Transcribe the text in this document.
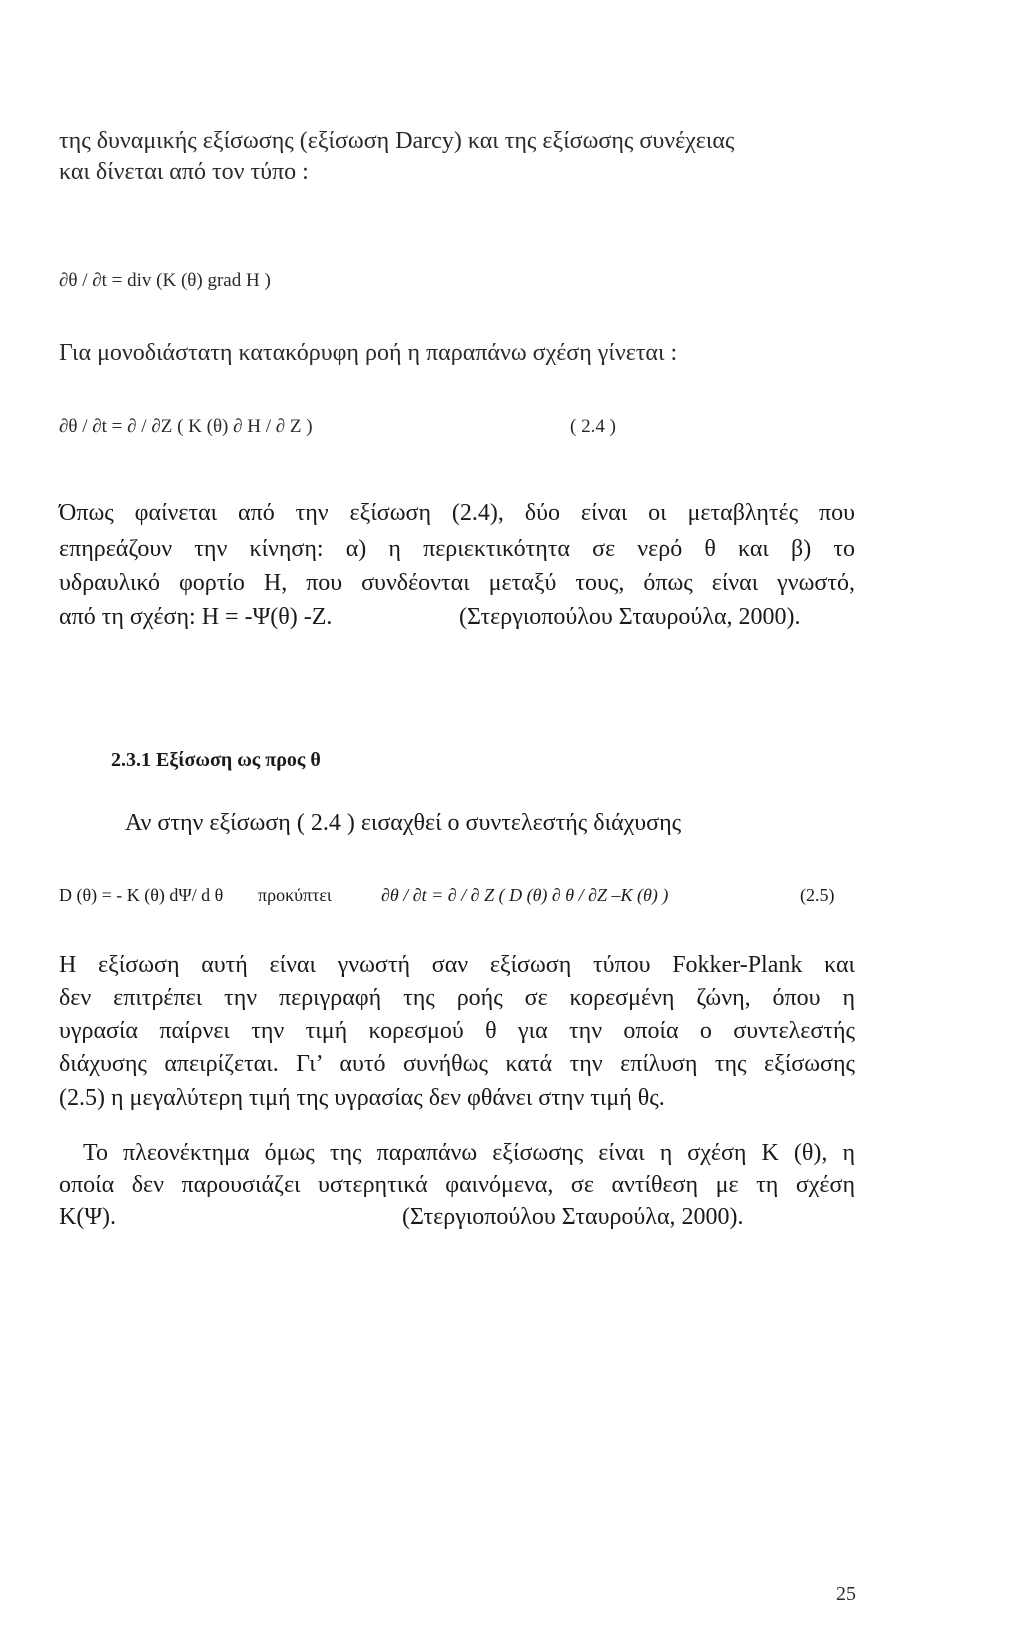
της δυναμικής εξίσωσης (εξίσωση Darcy) και της εξίσωσης συνέχειας

και δίνεται από τον τύπο :

∂θ / ∂t = div (K (θ) grad H )

Για μονοδιάστατη κατακόρυφη ροή η παραπάνω σχέση γίνεται :

∂θ / ∂t = ∂ / ∂Z ( K (θ) ∂ H / ∂ Z )	( 2.4 )

Όπως φαίνεται από την εξίσωση (2.4), δύο είναι οι μεταβλητές που

επηρεάζουν την κίνηση: α) η περιεκτικότητα σε νερό θ και β) το

υδραυλικό φορτίο Η, που συνδέονται μεταξύ τους, όπως είναι γνωστό,

από τη σχέση: Η = -Ψ(θ) -Ζ.	(Στεργιοπούλου Σταυρούλα, 2000).

2.3.1 Εξίσωση ως προς θ

Αν στην εξίσωση ( 2.4 ) εισαχθεί ο συντελεστής διάχυσης

D (θ) = - K (θ) dΨ/ d θ προκύπτει	∂θ / ∂t = ∂ / ∂ Z ( D (θ) ∂ θ / ∂Z –K (θ) )	(2.5)

Η εξίσωση αυτή είναι γνωστή σαν εξίσωση τύπου Fokker-Plank και

δεν επιτρέπει την περιγραφή της ροής σε κορεσμένη ζώνη, όπου η

υγρασία παίρνει την τιμή κορεσμού θ για την οποία ο συντελεστής

διάχυσης απειρίζεται. Γι’ αυτό συνήθως κατά την επίλυση της εξίσωσης

(2.5) η μεγαλύτερη τιμή της υγρασίας δεν φθάνει στην τιμή θς.

Το πλεονέκτημα όμως της παραπάνω εξίσωσης είναι η σχέση Κ (θ), η

οποία δεν παρουσιάζει υστερητικά φαινόμενα, σε αντίθεση με τη σχέση

Κ(Ψ).	(Στεργιοπούλου Σταυρούλα, 2000).

25
